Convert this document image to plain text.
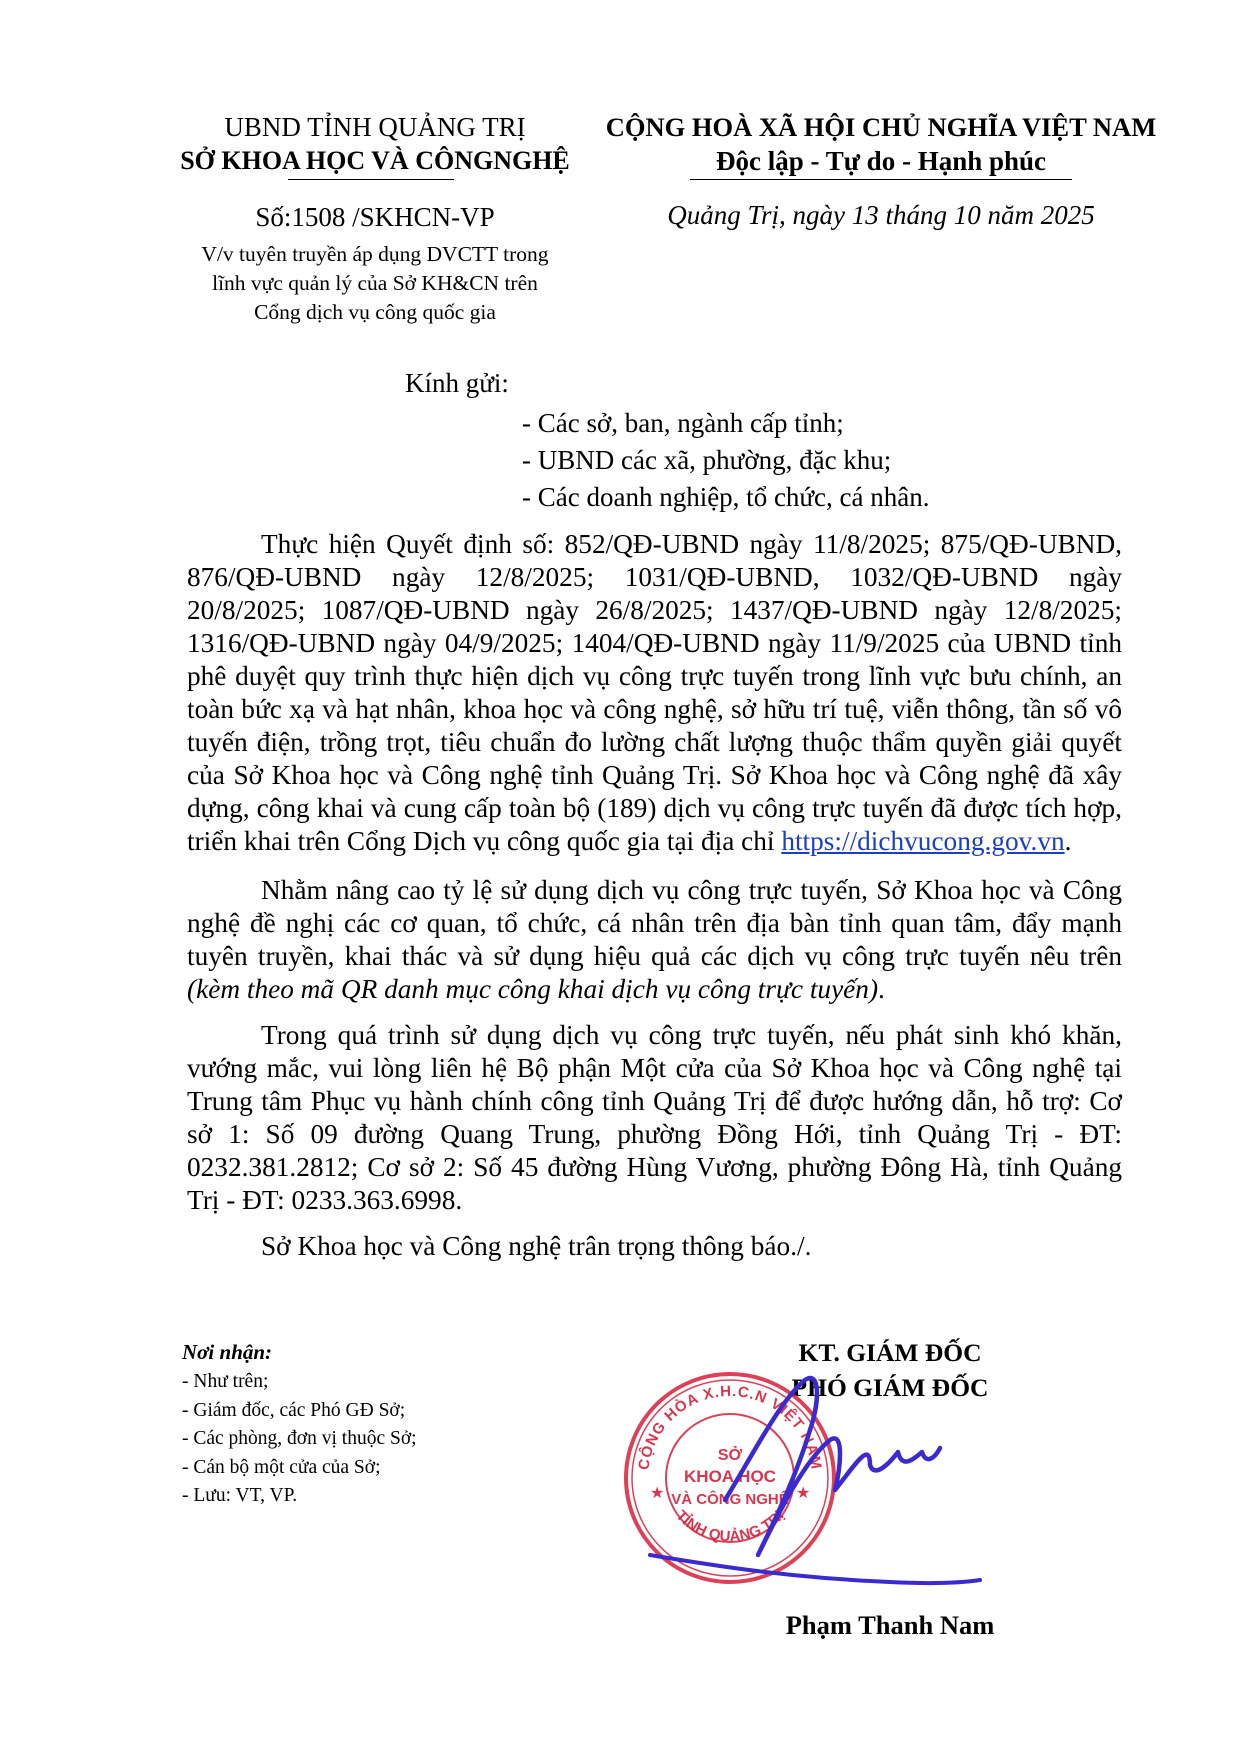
UBND TỈNH QUẢNG TRỊ
SỞ KHOA HỌC VÀ CÔNGNGHỆ
CỘNG HOÀ XÃ HỘI CHỦ NGHĨA VIỆT NAM
Độc lập - Tự do - Hạnh phúc
Số:1508 /SKHCN-VP	Quảng Trị, ngày 13 tháng 10 năm 2025
V/v tuyên truyền áp dụng DVCTT trong
lĩnh vực quản lý của Sở KH&CN trên
Cổng dịch vụ công quốc gia
Kính gửi:
- Các sở, ban, ngành cấp tỉnh;
- UBND các xã, phường, đặc khu;
- Các doanh nghiệp, tổ chức, cá nhân.

Thực hiện Quyết định số: 852/QĐ-UBND ngày 11/8/2025; 875/QĐ-UBND, 876/QĐ-UBND ngày 12/8/2025; 1031/QĐ-UBND, 1032/QĐ-UBND ngày 20/8/2025; 1087/QĐ-UBND ngày 26/8/2025; 1437/QĐ-UBND ngày 12/8/2025; 1316/QĐ-UBND ngày 04/9/2025; 1404/QĐ-UBND ngày 11/9/2025 của UBND tỉnh phê duyệt quy trình thực hiện dịch vụ công trực tuyến trong lĩnh vực bưu chính, an toàn bức xạ và hạt nhân, khoa học và công nghệ, sở hữu trí tuệ, viễn thông, tần số vô tuyến điện, trồng trọt, tiêu chuẩn đo lường chất lượng thuộc thẩm quyền giải quyết của Sở Khoa học và Công nghệ tỉnh Quảng Trị. Sở Khoa học và Công nghệ đã xây dựng, công khai và cung cấp toàn bộ (189) dịch vụ công trực tuyến đã được tích hợp, triển khai trên Cổng Dịch vụ công quốc gia tại địa chỉ https://dichvucong.gov.vn.

Nhằm nâng cao tỷ lệ sử dụng dịch vụ công trực tuyến, Sở Khoa học và Công nghệ đề nghị các cơ quan, tổ chức, cá nhân trên địa bàn tỉnh quan tâm, đẩy mạnh tuyên truyền, khai thác và sử dụng hiệu quả các dịch vụ công trực tuyến nêu trên (kèm theo mã QR danh mục công khai dịch vụ công trực tuyến).

Trong quá trình sử dụng dịch vụ công trực tuyến, nếu phát sinh khó khăn, vướng mắc, vui lòng liên hệ Bộ phận Một cửa của Sở Khoa học và Công nghệ tại Trung tâm Phục vụ hành chính công tỉnh Quảng Trị để được hướng dẫn, hỗ trợ: Cơ sở 1: Số 09 đường Quang Trung, phường Đồng Hới, tỉnh Quảng Trị - ĐT: 0232.381.2812; Cơ sở 2: Số 45 đường Hùng Vương, phường Đông Hà, tỉnh Quảng Trị - ĐT: 0233.363.6998.

Sở Khoa học và Công nghệ trân trọng thông báo./.

Nơi nhận:
- Như trên;
- Giám đốc, các Phó GĐ Sở;
- Các phòng, đơn vị thuộc Sở;
- Cán bộ một cửa của Sở;
- Lưu: VT, VP.
KT. GIÁM ĐỐC
PHÓ GIÁM ĐỐC
CỘNG HÒA X.H.C.N VIỆT NAM
TỈNH QUẢNG TRỊ
SỞ
KHOA HỌC
VÀ CÔNG NGHỆ
★	★
Phạm Thanh Nam
